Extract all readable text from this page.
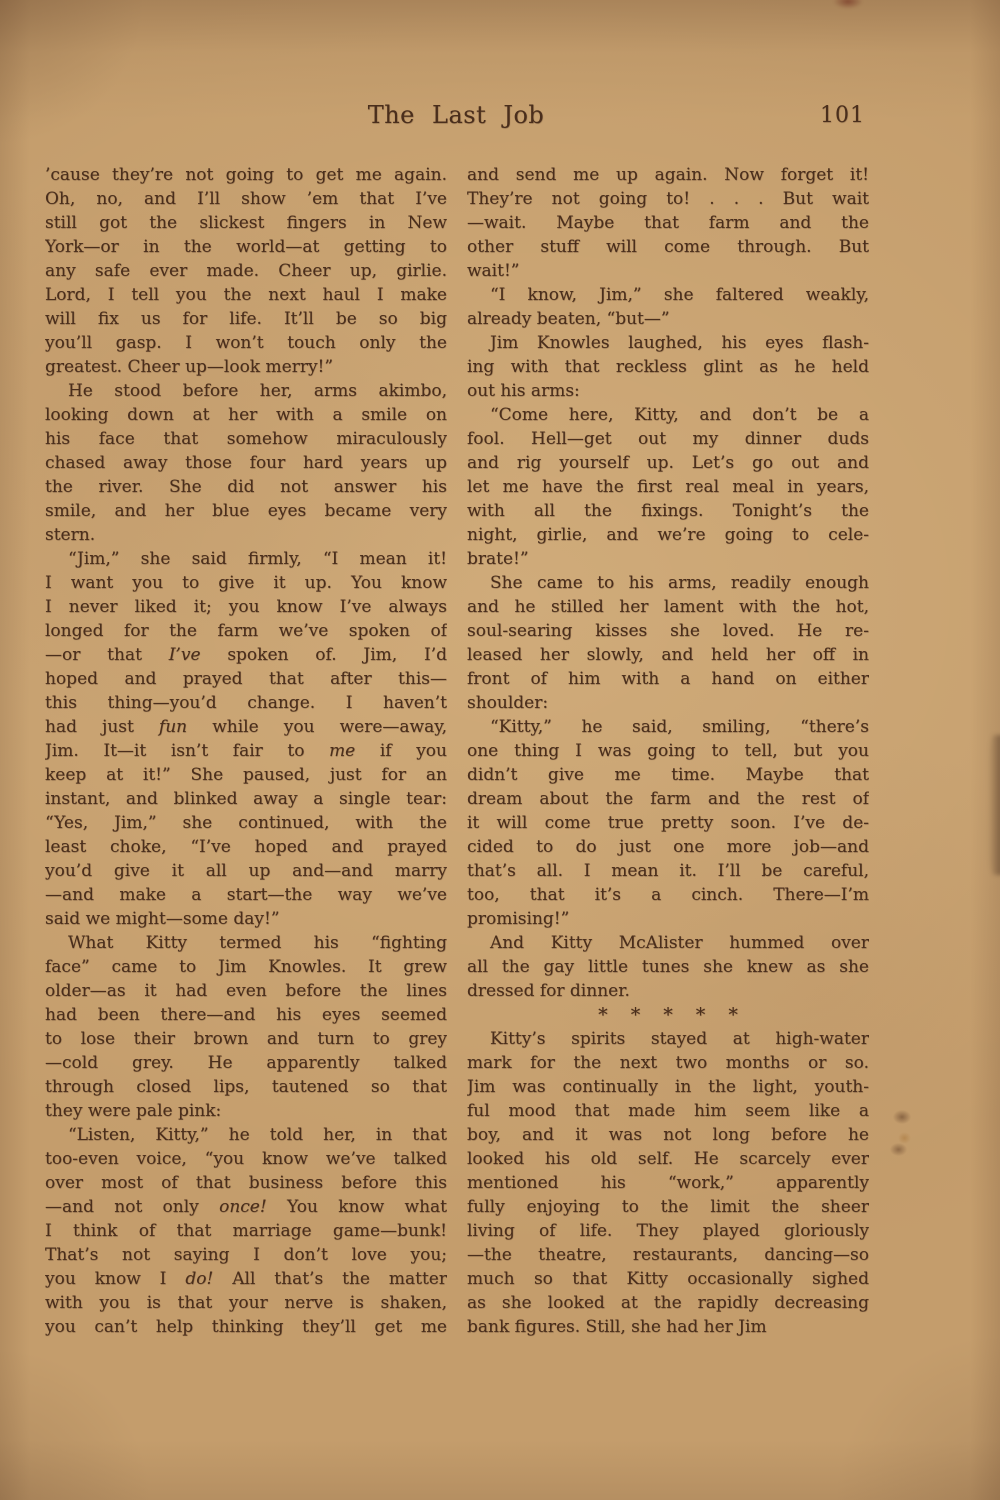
The Last Job	101
’cause they’re not going to get me again.
Oh, no, and I’ll show ’em that I’ve
still got the slickest fingers in New
York—or in the world—at getting to
any safe ever made. Cheer up, girlie.
Lord, I tell you the next haul I make
will fix us for life. It’ll be so big
you’ll gasp. I won’t touch only the
greatest. Cheer up—look merry!”
He stood before her, arms akimbo,
looking down at her with a smile on
his face that somehow miraculously
chased away those four hard years up
the river. She did not answer his
smile, and her blue eyes became very
stern.
“Jim,” she said firmly, “I mean it!
I want you to give it up. You know
I never liked it; you know I’ve always
longed for the farm we’ve spoken of
—or that I’ve spoken of. Jim, I’d
hoped and prayed that after this—
this thing—you’d change. I haven’t
had just fun while you were—away,
Jim. It—it isn’t fair to me if you
keep at it!” She paused, just for an
instant, and blinked away a single tear:
“Yes, Jim,” she continued, with the
least choke, “I’ve hoped and prayed
you’d give it all up and—and marry
—and make a start—the way we’ve
said we might—some day!”
What Kitty termed his “fighting
face” came to Jim Knowles. It grew
older—as it had even before the lines
had been there—and his eyes seemed
to lose their brown and turn to grey
—cold grey. He apparently talked
through closed lips, tautened so that
they were pale pink:
“Listen, Kitty,” he told her, in that
too-even voice, “you know we’ve talked
over most of that business before this
—and not only once! You know what
I think of that marriage game—bunk!
That’s not saying I don’t love you;
you know I do! All that’s the matter
with you is that your nerve is shaken,
you can’t help thinking they’ll get me
and send me up again. Now forget it!
They’re not going to! . . . But wait
—wait. Maybe that farm and the
other stuff will come through. But
wait!”
“I know, Jim,” she faltered weakly,
already beaten, “but—”
Jim Knowles laughed, his eyes flash-
ing with that reckless glint as he held
out his arms:
“Come here, Kitty, and don’t be a
fool. Hell—get out my dinner duds
and rig yourself up. Let’s go out and
let me have the first real meal in years,
with all the fixings. Tonight’s the
night, girlie, and we’re going to cele-
brate!”
She came to his arms, readily enough
and he stilled her lament with the hot,
soul-searing kisses she loved. He re-
leased her slowly, and held her off in
front of him with a hand on either
shoulder:
“Kitty,” he said, smiling, “there’s
one thing I was going to tell, but you
didn’t give me time. Maybe that
dream about the farm and the rest of
it will come true pretty soon. I’ve de-
cided to do just one more job—and
that’s all. I mean it. I’ll be careful,
too, that it’s a cinch. There—I’m
promising!”
And Kitty McAlister hummed over
all the gay little tunes she knew as she
dressed for dinner.
* * * * *
Kitty’s spirits stayed at high-water
mark for the next two months or so.
Jim was continually in the light, youth-
ful mood that made him seem like a
boy, and it was not long before he
looked his old self. He scarcely ever
mentioned his “work,” apparently
fully enjoying to the limit the sheer
living of life. They played gloriously
—the theatre, restaurants, dancing—so
much so that Kitty occasionally sighed
as she looked at the rapidly decreasing
bank figures. Still, she had her Jim
